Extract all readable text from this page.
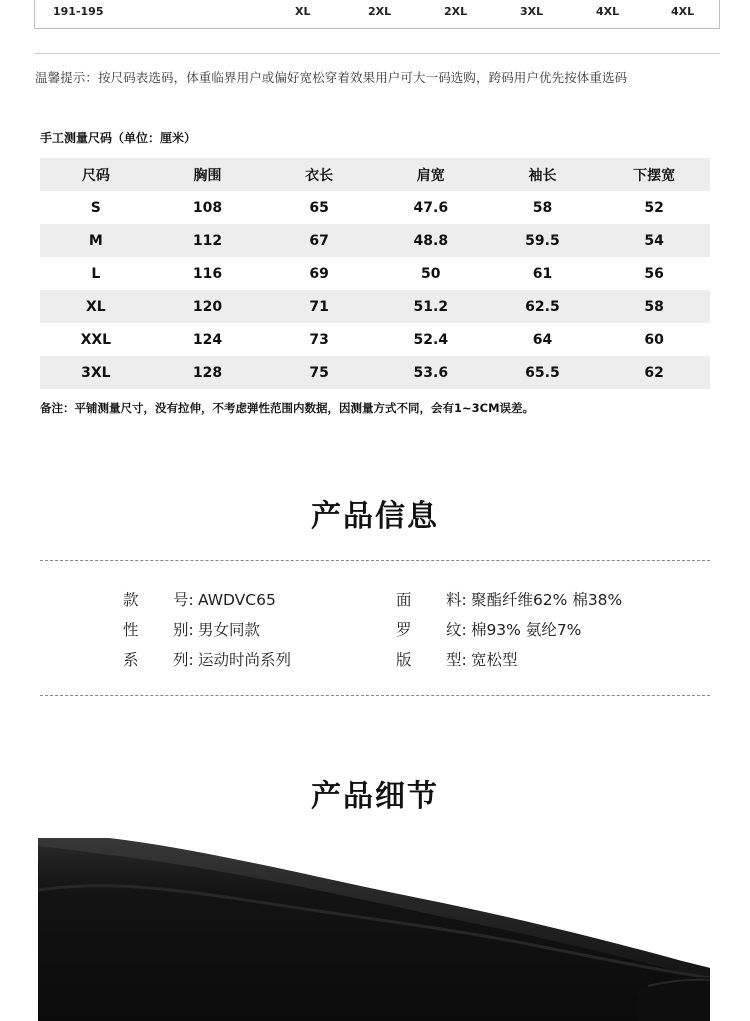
191-195	XL	2XL	2XL	3XL	4XL	4XL
温馨提示：按尺码表选码，体重临界用户或偏好宽松穿着效果用户可大一码选购，跨码用户优先按体重选码
手工测量尺码（单位：厘米）
尺码	胸围	衣长	肩宽	袖长	下摆宽
S	108	65	47.6	58	52
M	112	67	48.8	59.5	54
L	116	69	50	61	56
XL	120	71	51.2	62.5	58
XXL	124	73	52.4	64	60
3XL	128	75	53.6	65.5	62
备注：平铺测量尺寸，没有拉伸，不考虑弹性范围内数据，因测量方式不同，会有1~3CM误差。
产品信息
款 号: AWDVC65	面 料: 聚酯纤维62% 棉38%
性 别: 男女同款	罗 纹: 棉93% 氨纶7%
系 列: 运动时尚系列	版 型: 宽松型
产品细节
